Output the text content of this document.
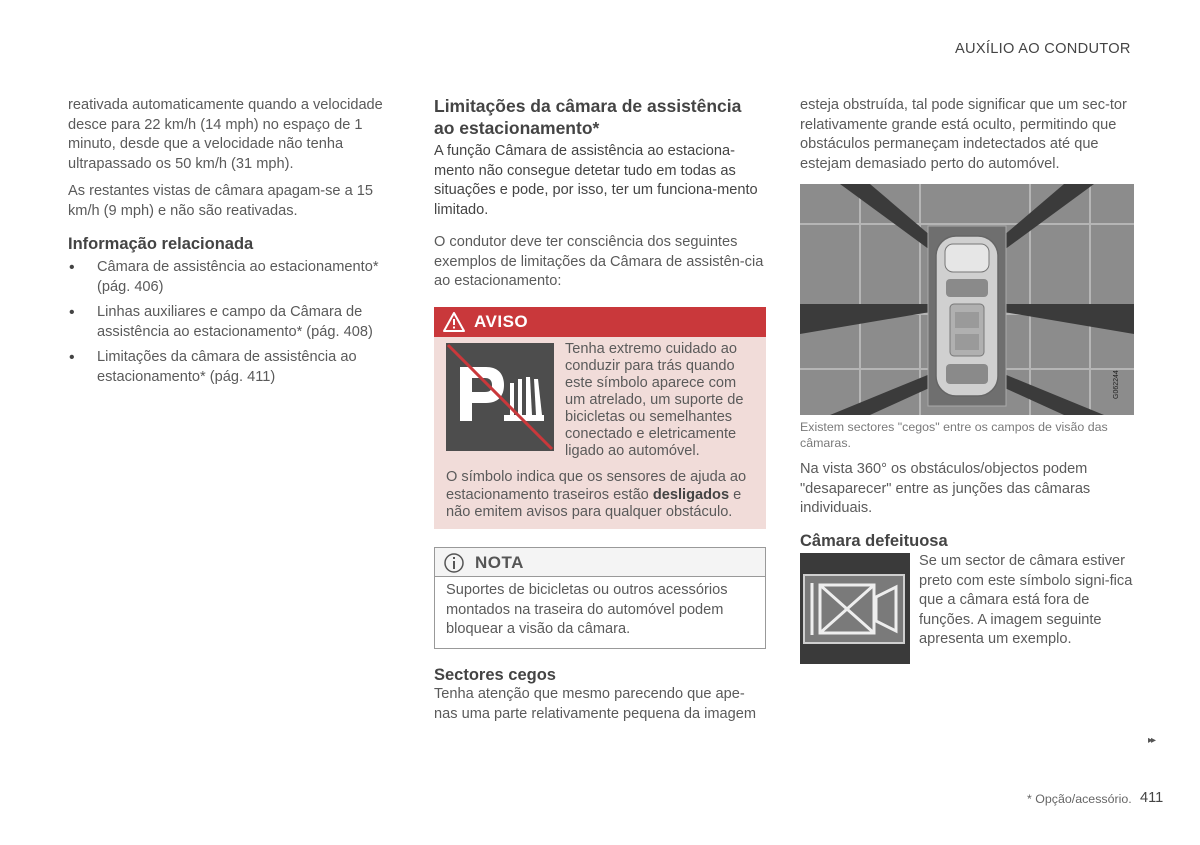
AUXÍLIO AO CONDUTOR

reativada automaticamente quando a velocidade desce para 22 km/h (14 mph) no espaço de 1 minuto, desde que a velocidade não tenha ultrapassado os 50 km/h (31 mph).

As restantes vistas de câmara apagam-se a 15 km/h (9 mph) e não são reativadas.

Informação relacionada
• Câmara de assistência ao estacionamento* (pág. 406)
• Linhas auxiliares e campo da Câmara de assistência ao estacionamento* (pág. 408)
• Limitações da câmara de assistência ao estacionamento* (pág. 411)
Limitações da câmara de assistência ao estacionamento*

A função Câmara de assistência ao estaciona-mento não consegue detetar tudo em todas as situações e pode, por isso, ter um funciona-mento limitado.

O condutor deve ter consciência dos seguintes exemplos de limitações da Câmara de assistên-cia ao estacionamento:

AVISO
Tenha extremo cuidado ao conduzir para trás quando este símbolo aparece com um atrelado, um suporte de bicicletas ou semelhantes conectado e eletricamente ligado ao automóvel.
O símbolo indica que os sensores de ajuda ao estacionamento traseiros estão desligados e não emitem avisos para qualquer obstáculo.
NOTA
Suportes de bicicletas ou outros acessórios montados na traseira do automóvel podem bloquear a visão da câmara.
Sectores cegos

Tenha atenção que mesmo parecendo que ape-nas uma parte relativamente pequena da imagem

esteja obstruída, tal pode significar que um sec-tor relativamente grande está oculto, permitindo que obstáculos permaneçam indetectados até que estejam demasiado perto do automóvel.

G062244
Existem sectores "cegos" entre os campos de visão das câmaras.
Na vista 360° os obstáculos/objectos podem "desaparecer" entre as junções das câmaras individuais.
Câmara defeituosa
Se um sector de câmara estiver preto com este símbolo signi-fica que a câmara está fora de funções. A imagem seguinte apresenta um exemplo.
▸▸
* Opção/acessório. 411
